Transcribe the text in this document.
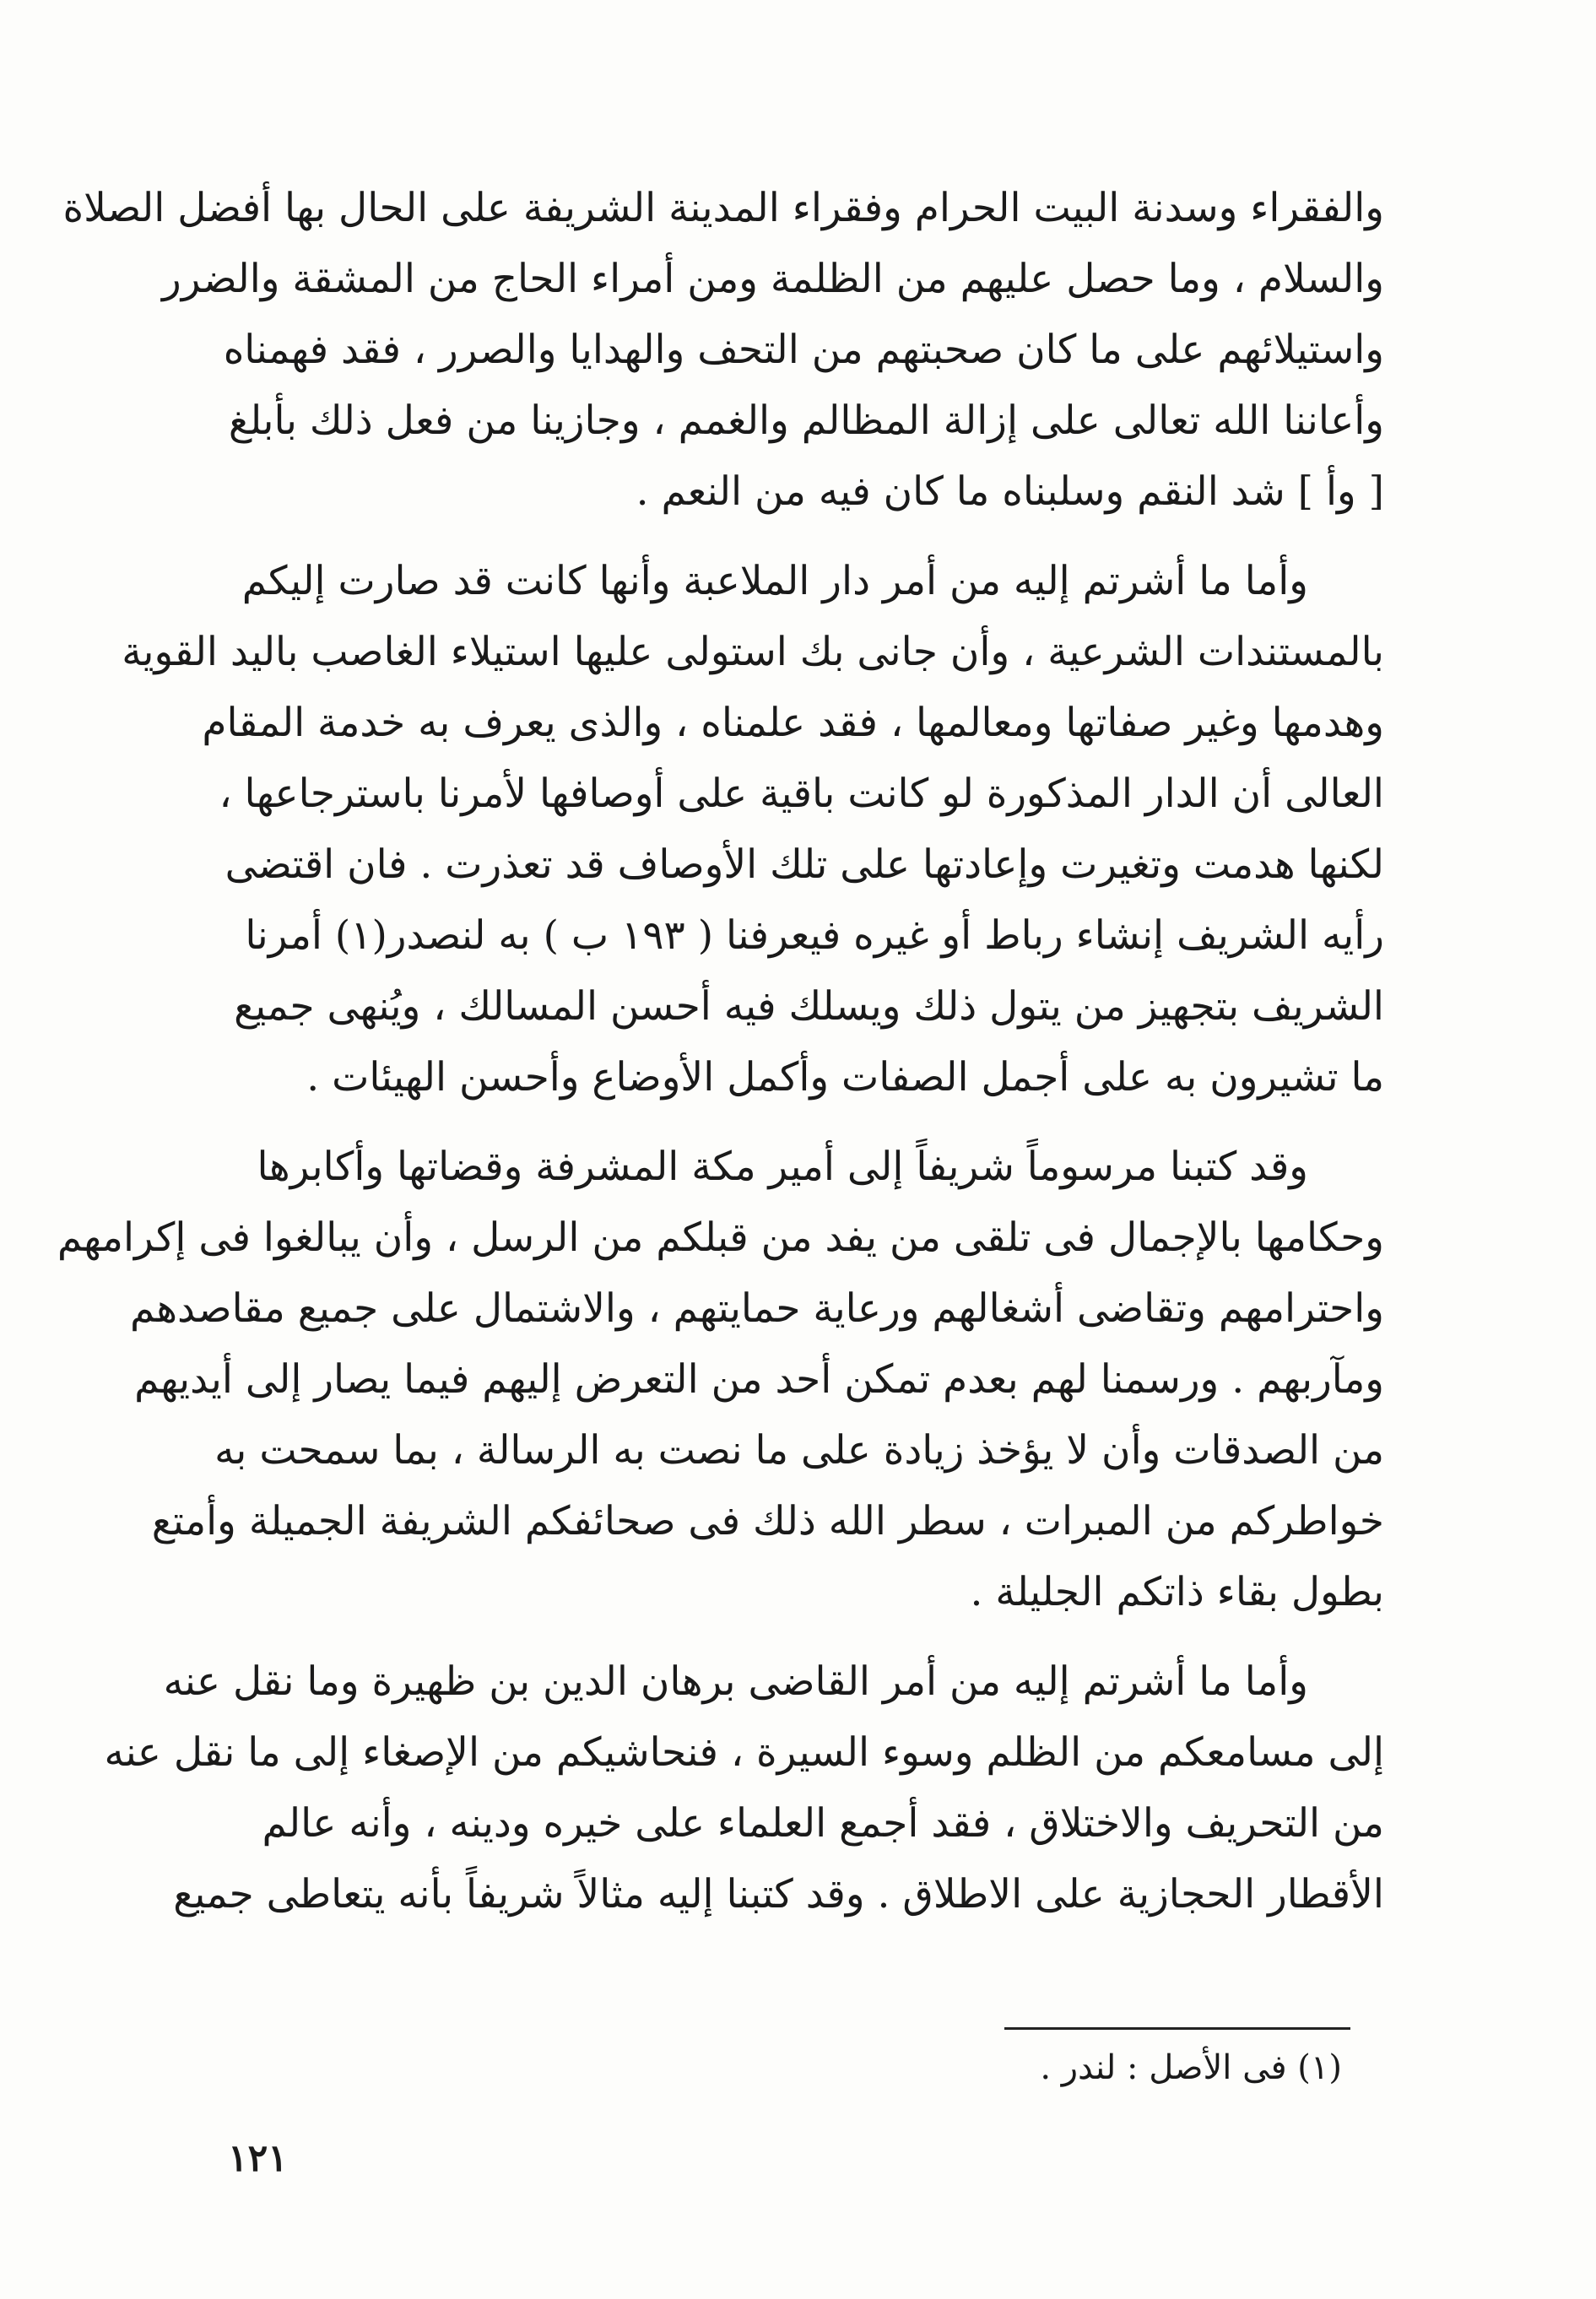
والفقراء وسدنة البيت الحرام وفقراء المدينة الشريفة على الحال بها أفضل الصلاة
والسلام ، وما حصل عليهم من الظلمة ومن أمراء الحاج من المشقة والضرر
واستيلائهم على ما كان صحبتهم من التحف والهدايا والصرر ، فقد فهمناه
وأعاننا الله تعالى على إزالة المظالم والغمم ، وجازينا من فعل ذلك بأبلغ
[ وأ ] شد النقم وسلبناه ما كان فيه من النعم .
وأما ما أشرتم إليه من أمر دار الملاعبة وأنها كانت قد صارت إليكم
بالمستندات الشرعية ، وأن جانى بك استولى عليها استيلاء الغاصب باليد القوية
وهدمها وغير صفاتها ومعالمها ، فقد علمناه ، والذى يعرف به خدمة المقام
العالى أن الدار المذكورة لو كانت باقية على أوصافها لأمرنا باسترجاعها ،
لكنها هدمت وتغيرت وإعادتها على تلك الأوصاف قد تعذرت . فان اقتضى
رأيه الشريف إنشاء رباط أو غيره فيعرفنا ( ١٩٣ ب ) به لنصدر(١) أمرنا
الشريف بتجهيز من يتول ذلك ويسلك فيه أحسن المسالك ، ويُنهى جميع
ما تشيرون به على أجمل الصفات وأكمل الأوضاع وأحسن الهيئات .
وقد كتبنا مرسوماً شريفاً إلى أمير مكة المشرفة وقضاتها وأكابرها
وحكامها بالإجمال فى تلقى من يفد من قبلكم من الرسل ، وأن يبالغوا فى إكرامهم
واحترامهم وتقاضى أشغالهم ورعاية حمايتهم ، والاشتمال على جميع مقاصدهم
ومآربهم . ورسمنا لهم بعدم تمكن أحد من التعرض إليهم فيما يصار إلى أيديهم
من الصدقات وأن لا يؤخذ زيادة على ما نصت به الرسالة ، بما سمحت به
خواطركم من المبرات ، سطر الله ذلك فى صحائفكم الشريفة الجميلة وأمتع
بطول بقاء ذاتكم الجليلة .
وأما ما أشرتم إليه من أمر القاضى برهان الدين بن ظهيرة وما نقل عنه
إلى مسامعكم من الظلم وسوء السيرة ، فنحاشيكم من الإصغاء إلى ما نقل عنه
من التحريف والاختلاق ، فقد أجمع العلماء على خيره ودينه ، وأنه عالم
الأقطار الحجازية على الاطلاق . وقد كتبنا إليه مثالاً شريفاً بأنه يتعاطى جميع
(١) فى الأصل : لندر .
١٢١
